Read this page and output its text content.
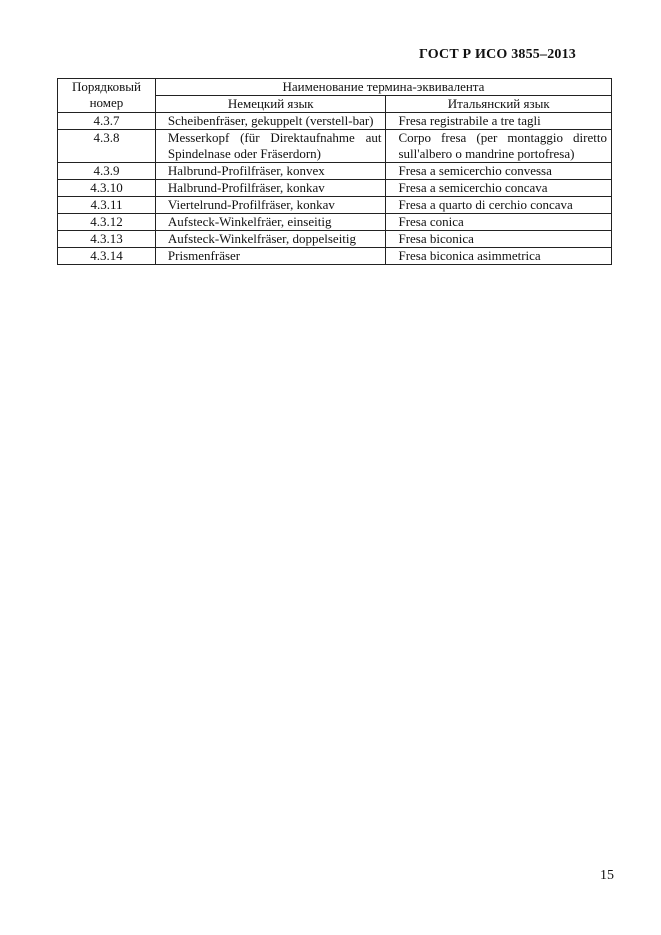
ГОСТ Р ИСО 3855–2013
Порядковый номер	Наименование термина-эквивалента	
	Немецкий язык	Итальянский язык
4.3.7	Scheibenfräser, gekuppelt (verstell-bar)	Fresa registrabile a tre tagli
4.3.8	Messerkopf (für Direktaufnahme aut Spindelnase oder Fräserdorn)	Corpo fresa (per montaggio diretto sull'albero o mandrine portofresa)
4.3.9	Halbrund-Profilfräser, konvex	Fresa a semicerchio convessa
4.3.10	Halbrund-Profilfräser, konkav	Fresa a semicerchio concava
4.3.11	Viertelrund-Profilfräser, konkav	Fresa a quarto di cerchio concava
4.3.12	Aufsteck-Winkelfräer, einseitig	Fresa conica
4.3.13	Aufsteck-Winkelfräser, doppelseitig	Fresa biconica
4.3.14	Prismenfräser	Fresa biconica asimmetrica
15
